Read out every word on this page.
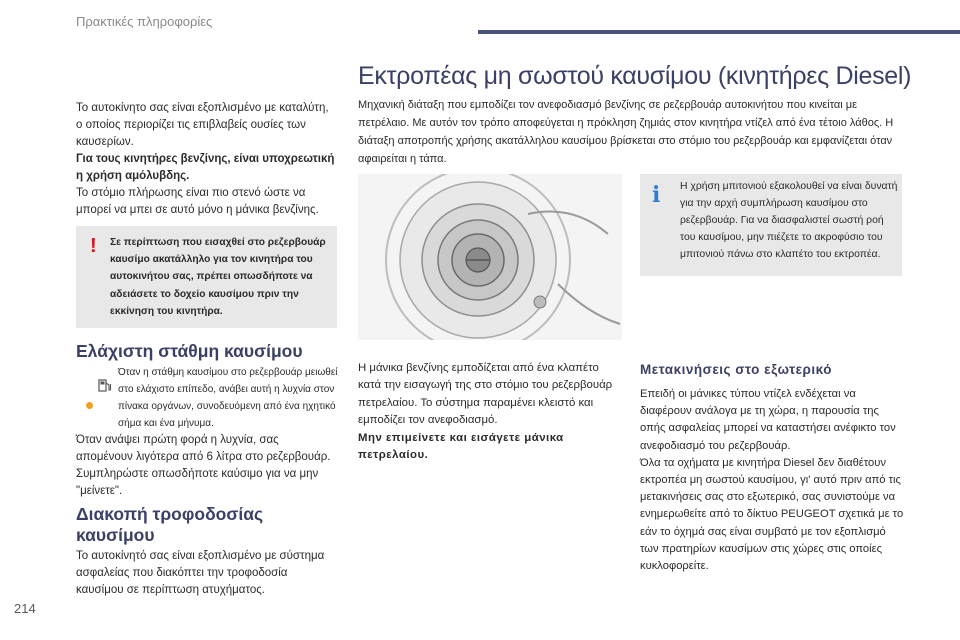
Πρακτικές πληροφορίες

Το αυτοκίνητο σας είναι εξοπλισμένο με καταλύτη, ο οποίος περιορίζει τις επιβλαβείς ουσίες των καυσερίων.

Για τους κινητήρες βενζίνης, είναι υποχρεωτική η χρήση αμόλυβδης.

Το στόμιο πλήρωσης είναι πιο στενό ώστε να μπορεί να μπει σε αυτό μόνο η μάνικα βενζίνης.

! Σε περίπτωση που εισαχθεί στο ρεζερβουάρ καυσίμο ακατάλληλο για τον κινητήρα του αυτοκινήτου σας, πρέπει οπωσδήποτε να αδειάσετε το δοχείο καυσίμου πριν την εκκίνηση του κινητήρα.
Ελάχιστη στάθμη καυσίμου
Όταν η στάθμη καυσίμου στο ρεζερβουάρ μειωθεί στο ελάχιστο επίπεδο, ανάβει αυτή η λυχνία στον πίνακα οργάνων, συνοδευόμενη από ένα ηχητικό σήμα και ένα μήνυμα.

Όταν ανάψει πρώτη φορά η λυχνία, σας απομένουν λιγότερα από 6 λίτρα στο ρεζερβουάρ. Συμπληρώστε οπωσδήποτε καύσιμο για να μην "μείνετε".

Διακοπή τροφοδοσίας καυσίμου

Το αυτοκίνητό σας είναι εξοπλισμένο με σύστημα ασφαλείας που διακόπτει την τροφοδοσία καυσίμου σε περίπτωση ατυχήματος.

Εκτροπέας μη σωστού καυσίμου (κινητήρες Diesel)
Μηχανική διάταξη που εμποδίζει τον ανεφοδιασμό βενζίνης σε ρεζερβουάρ αυτοκινήτου που κινείται με πετρέλαιο. Με αυτόν τον τρόπο αποφεύγεται η πρόκληση ζημιάς στον κινητήρα ντίζελ από ένα τέτοιο λάθος. Η διάταξη αποτροπής χρήσης ακατάλληλου καυσίμου βρίσκεται στο στόμιο του ρεζερβουάρ και εμφανίζεται όταν αφαιρείται η τάπα.

Η μάνικα βενζίνης εμποδίζεται από ένα κλαπέτο κατά την εισαγωγή της στο στόμιο του ρεζερβουάρ πετρελαίου. Το σύστημα παραμένει κλειστό και εμποδίζει τον ανεφοδιασμό.

Μην επιμείνετε και εισάγετε μάνικα πετρελαίου.

i Η χρήση μπιτονιού εξακολουθεί να είναι δυνατή για την αρχή συμπλήρωση καυσίμου στο ρεζερβουάρ. Για να διασφαλιστεί σωστή ροή του καυσίμου, μην πιέζετε το ακροφύσιο του μπιτονιού πάνω στο κλαπέτο του εκτροπέα.
Μετακινήσεις στο εξωτερικό

Επειδή οι μάνικες τύπου ντίζελ ενδέχεται να διαφέρουν ανάλογα με τη χώρα, η παρουσία της οπής ασφαλείας μπορεί να καταστήσει ανέφικτο τον ανεφοδιασμό του ρεζερβουάρ.

Όλα τα οχήματα με κινητήρα Diesel δεν διαθέτουν εκτροπέα μη σωστού καυσίμου, γι' αυτό πριν από τις μετακινήσεις σας στο εξωτερικό, σας συνιστούμε να ενημερωθείτε από το δίκτυο PEUGEOT σχετικά με το εάν το όχημά σας είναι συμβατό με τον εξοπλισμό των πρατηρίων καυσίμων στις χώρες στις οποίες κυκλοφορείτε.

214
